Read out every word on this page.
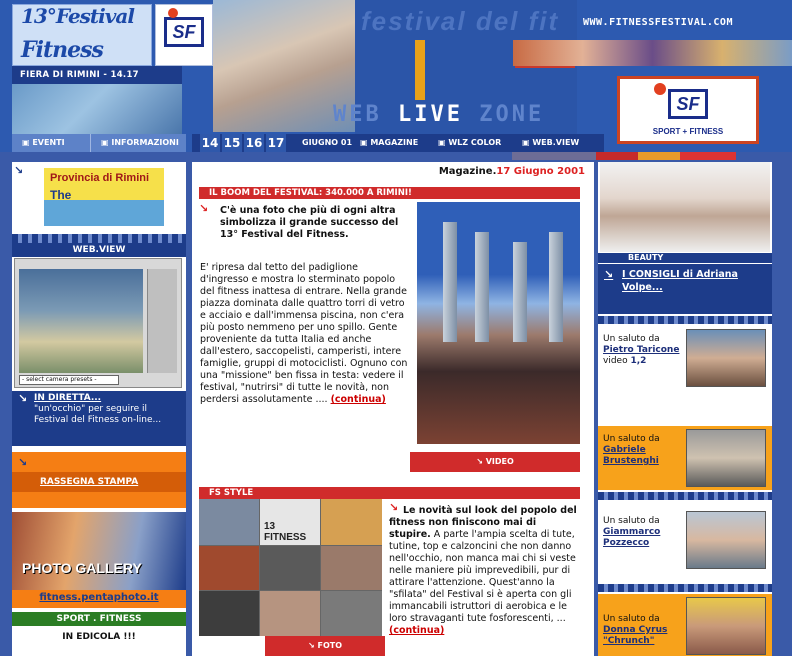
13°Festival
Fitness
FIERA DI RIMINI - 14.17
SF	festival del fit WWW.FITNESSFESTIVAL.COM
WEB LIVE ZONE	SF
SPORT + FITNESS
▣ EVENTI	▣ INFORMAZIONI 14 15 16 17 GIUGNO 01 ▣ MAGAZINE ▣ WLZ COLOR	▣ WEB.VIEW
↘
Provincia di Rimini
The
WEB.VIEW
- select camera presets -
↘ IN DIRETTA...
"un'occhio" per seguire il Festival del Fitness on-line...
↘
RASSEGNA STAMPA
PHOTO GALLERY
fitness.pentaphoto.it
SPORT . FITNESS
IN EDICOLA !!!
Magazine.17 Giugno 2001
IL BOOM DEL FESTIVAL: 340.000 A RIMINI!
↘ C'è una foto che più di ogni altra simbolizza il grande successo del 13° Festival del Fitness.
E' ripresa dal tetto del padiglione d'ingresso e mostra lo sterminato popolo del fitness inattesa di entrare. Nella grande piazza dominata dalle quattro torri di vetro e acciaio e dall'immensa piscina, non c'era più posto nemmeno per uno spillo. Gente proveniente da tutta Italia ed anche dall'estero, saccopelisti, camperisti, intere famiglie, gruppi di motociclisti. Ognuno con una "missione" ben fissa in testa: vedere il festival, "nutrirsi" di tutte le novità, non perdersi assolutamente .... (continua)
↘ VIDEO
FS STYLE
13 FITNESS
↘ FOTO
↘ Le novità sul look del popolo del fitness non finiscono mai di stupire. A parte l'ampia scelta di tute, tutine, top e calzoncini che non danno nell'occhio, non manca mai chi si veste nelle maniere più imprevedibili, pur di attirare l'attenzione. Quest'anno la "sfilata" del Festival si è aperta con gli immancabili istruttori di aerobica e le loro stravaganti tute fosforescenti, ... (continua)
BEAUTY
↘ I CONSIGLI di Adriana Volpe...
Un saluto da
Pietro Taricone
video 1,2
Un saluto da
Gabriele Brustenghi
Un saluto da
Giammarco Pozzecco
Un saluto da
Donna Cyrus "Chrunch"
